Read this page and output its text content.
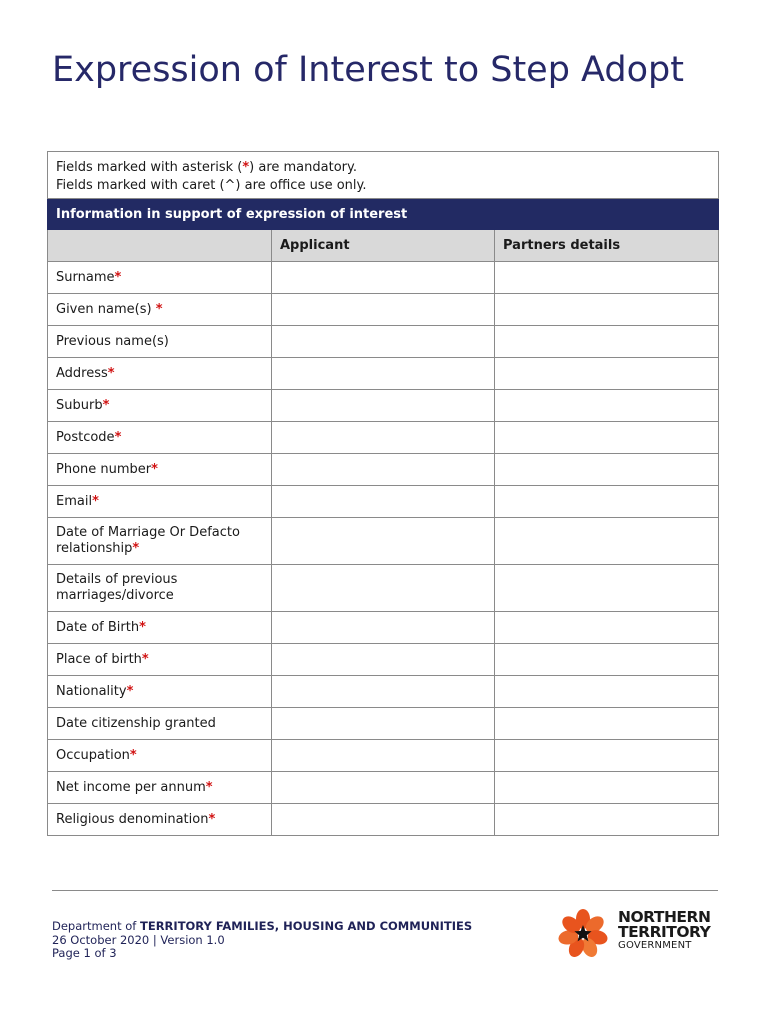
Expression of Interest to Step Adopt
Fields marked with asterisk (*) are mandatory.
Fields marked with caret (^) are office use only.		

Information in support of expression of interest		
	Applicant	Partners details
Surname*		
Given name(s) *		
Previous name(s)		
Address*		
Suburb*		
Postcode*		
Phone number*		
Email*		
Date of Marriage Or Defacto relationship*		
Details of previous marriages/divorce		
Date of Birth*		
Place of birth*		
Nationality*		
Date citizenship granted		
Occupation*		
Net income per annum*		
Religious denomination*		
Department of TERRITORY FAMILIES, HOUSING AND COMMUNITIES
26 October 2020 | Version 1.0
Page 1 of 3
NORTHERN
TERRITORY
GOVERNMENT
